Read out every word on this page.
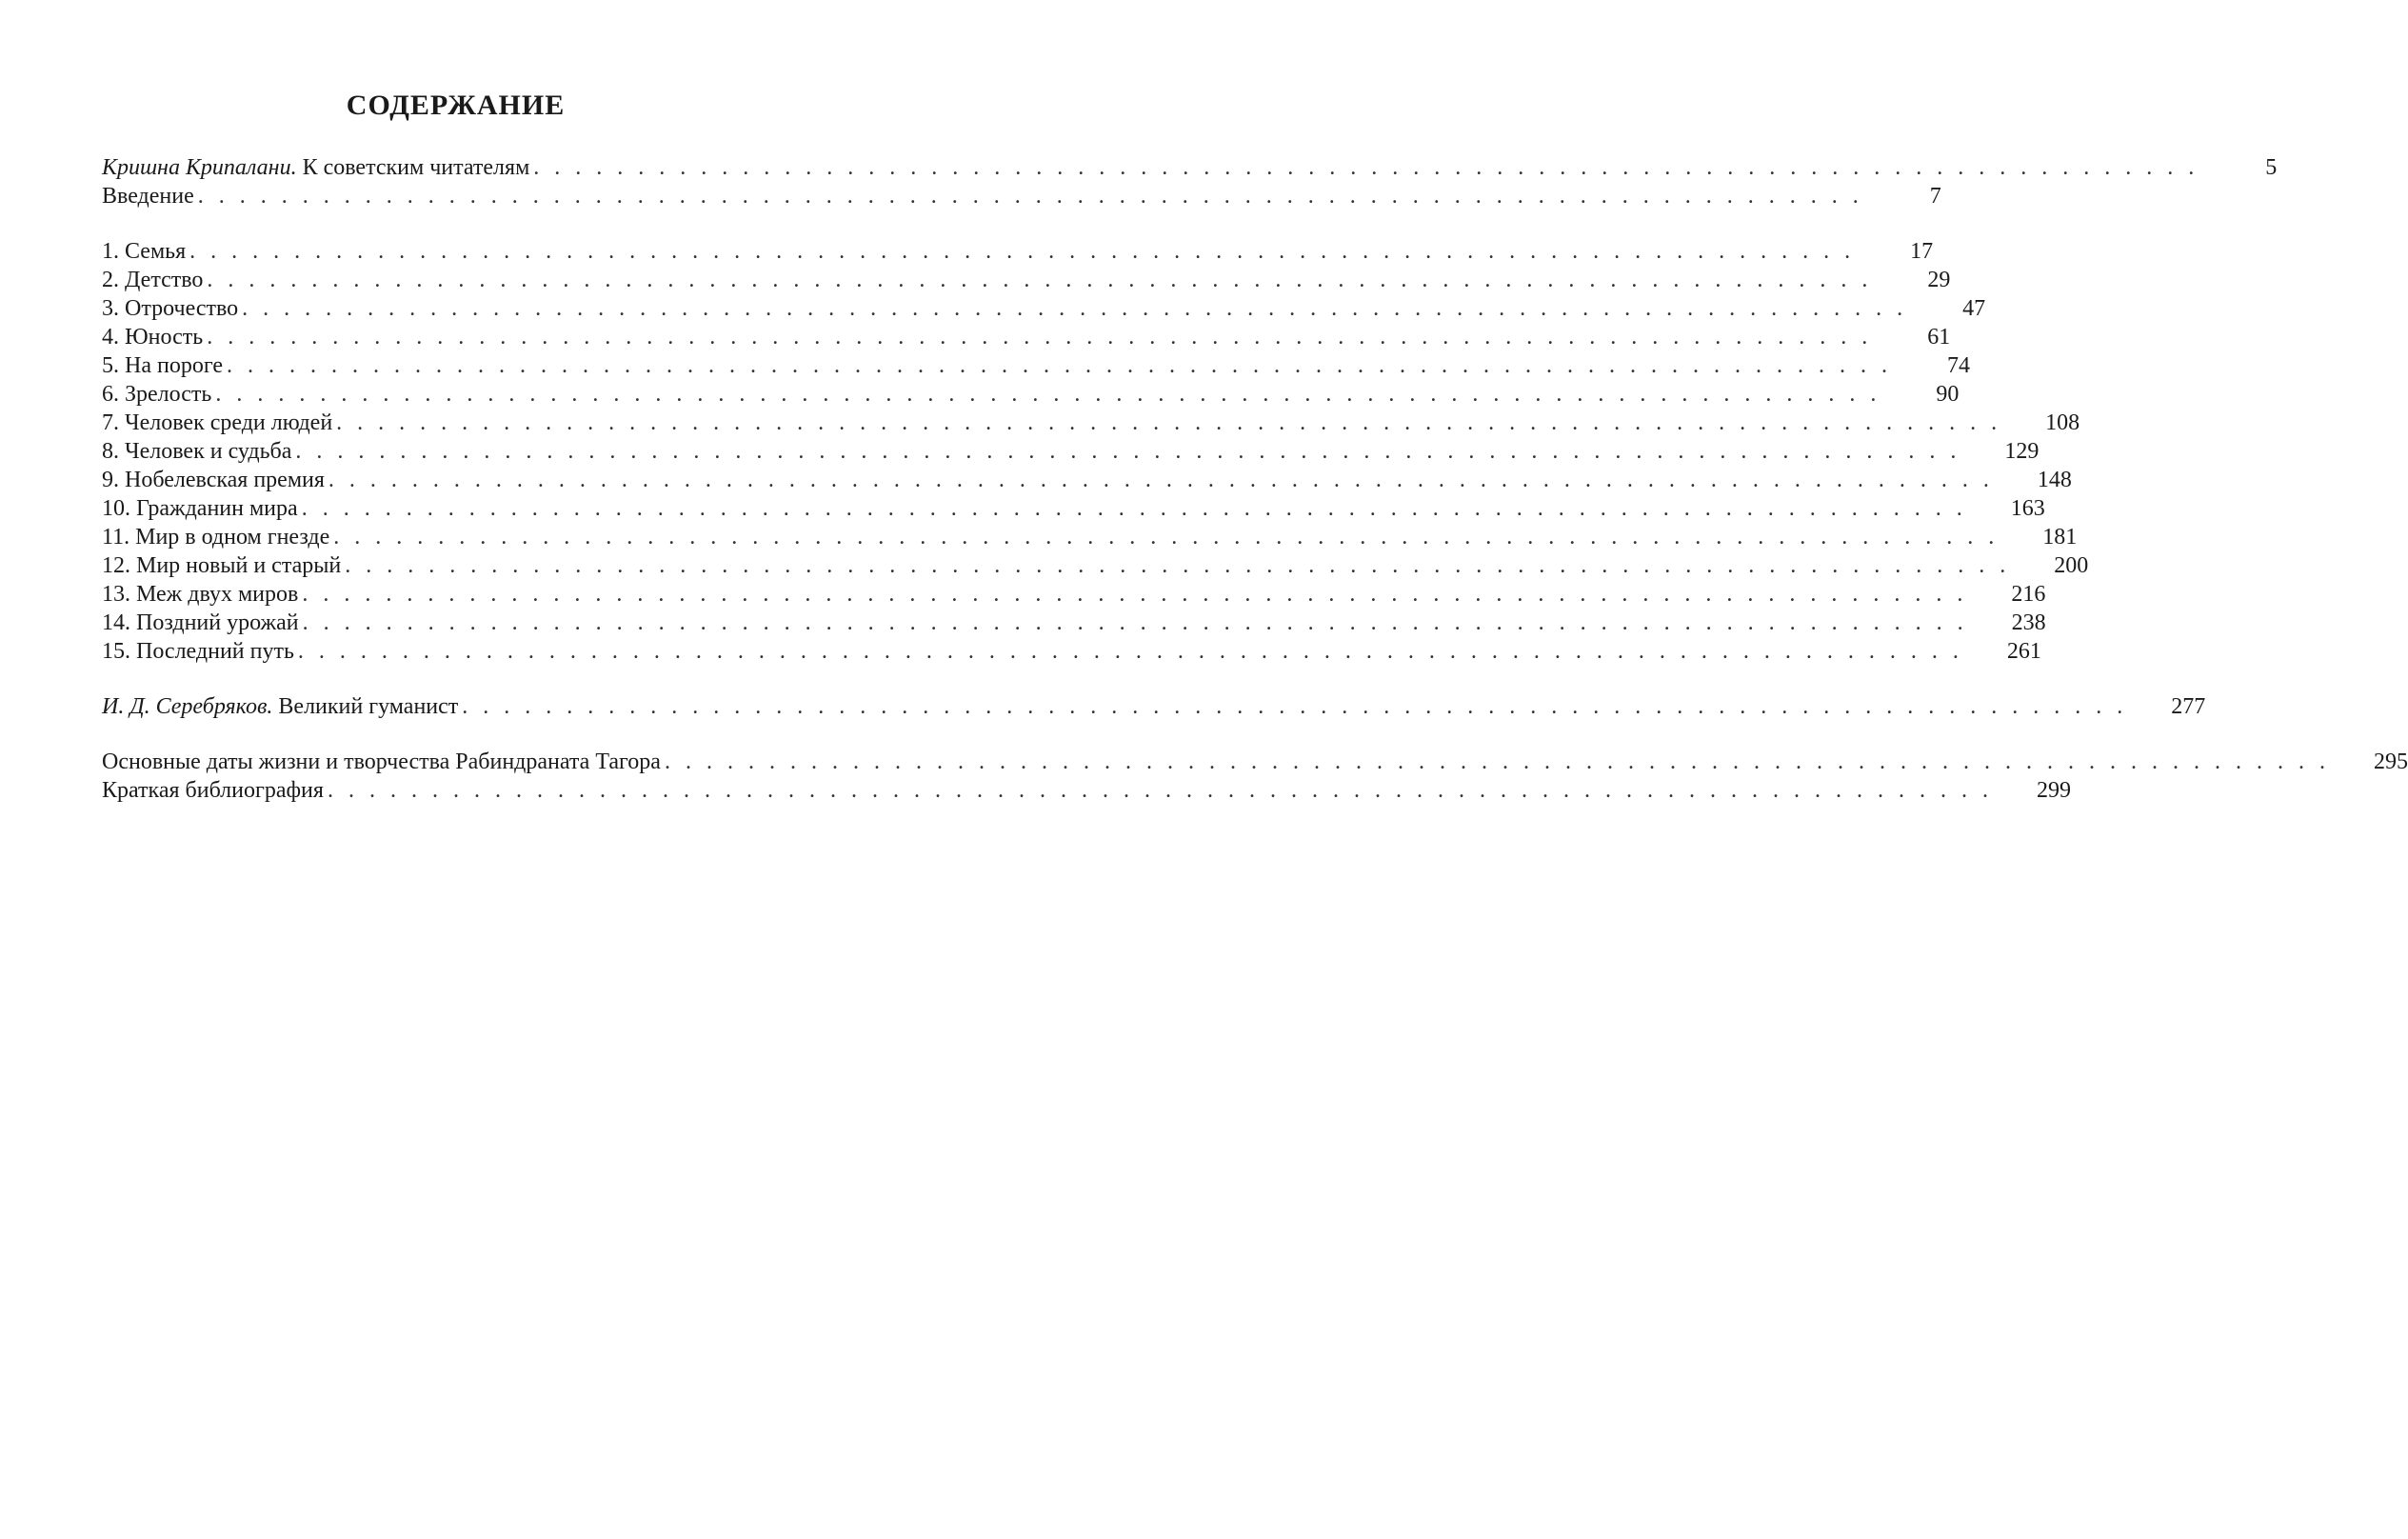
СОДЕРЖАНИЕ
Кришна Крипалани. К советским читателям . . . . . . . . . . . . . . . . . . . . . . . . . . . . . . . . . . . . . . . . . . . . . . . . . . . . . . . . . . . . . . . . . . . . . . . . . . . . . . . .	5
Введение . . . . . . . . . . . . . . . . . . . . . . . . . . . . . . . . . . . . . . . . . . . . . . . . . . . . . . . . . . . . . . . . . . . . . . . . . . . . . . . .	7
1. Семья . . . . . . . . . . . . . . . . . . . . . . . . . . . . . . . . . . . . . . . . . . . . . . . . . . . . . . . . . . . . . . . . . . . . . . . . . . . . . . . .	17
2. Детство . . . . . . . . . . . . . . . . . . . . . . . . . . . . . . . . . . . . . . . . . . . . . . . . . . . . . . . . . . . . . . . . . . . . . . . . . . . . . . . .	29
3. Отрочество . . . . . . . . . . . . . . . . . . . . . . . . . . . . . . . . . . . . . . . . . . . . . . . . . . . . . . . . . . . . . . . . . . . . . . . . . . . . . . . .	47
4. Юность . . . . . . . . . . . . . . . . . . . . . . . . . . . . . . . . . . . . . . . . . . . . . . . . . . . . . . . . . . . . . . . . . . . . . . . . . . . . . . . .	61
5. На пороге . . . . . . . . . . . . . . . . . . . . . . . . . . . . . . . . . . . . . . . . . . . . . . . . . . . . . . . . . . . . . . . . . . . . . . . . . . . . . . . .	74
6. Зрелость . . . . . . . . . . . . . . . . . . . . . . . . . . . . . . . . . . . . . . . . . . . . . . . . . . . . . . . . . . . . . . . . . . . . . . . . . . . . . . . .	90
7. Человек среди людей . . . . . . . . . . . . . . . . . . . . . . . . . . . . . . . . . . . . . . . . . . . . . . . . . . . . . . . . . . . . . . . . . . . . . . . . . . . . . . . .	108
8. Человек и судьба . . . . . . . . . . . . . . . . . . . . . . . . . . . . . . . . . . . . . . . . . . . . . . . . . . . . . . . . . . . . . . . . . . . . . . . . . . . . . . . .	129
9. Нобелевская премия . . . . . . . . . . . . . . . . . . . . . . . . . . . . . . . . . . . . . . . . . . . . . . . . . . . . . . . . . . . . . . . . . . . . . . . . . . . . . . . .	148
10. Гражданин мира . . . . . . . . . . . . . . . . . . . . . . . . . . . . . . . . . . . . . . . . . . . . . . . . . . . . . . . . . . . . . . . . . . . . . . . . . . . . . . . .	163
11. Мир в одном гнезде . . . . . . . . . . . . . . . . . . . . . . . . . . . . . . . . . . . . . . . . . . . . . . . . . . . . . . . . . . . . . . . . . . . . . . . . . . . . . . . .	181
12. Мир новый и старый . . . . . . . . . . . . . . . . . . . . . . . . . . . . . . . . . . . . . . . . . . . . . . . . . . . . . . . . . . . . . . . . . . . . . . . . . . . . . . . .	200
13. Меж двух миров . . . . . . . . . . . . . . . . . . . . . . . . . . . . . . . . . . . . . . . . . . . . . . . . . . . . . . . . . . . . . . . . . . . . . . . . . . . . . . . .	216
14. Поздний урожай . . . . . . . . . . . . . . . . . . . . . . . . . . . . . . . . . . . . . . . . . . . . . . . . . . . . . . . . . . . . . . . . . . . . . . . . . . . . . . . .	238
15. Последний путь . . . . . . . . . . . . . . . . . . . . . . . . . . . . . . . . . . . . . . . . . . . . . . . . . . . . . . . . . . . . . . . . . . . . . . . . . . . . . . . .	261
И. Д. Серебряков. Великий гуманист . . . . . . . . . . . . . . . . . . . . . . . . . . . . . . . . . . . . . . . . . . . . . . . . . . . . . . . . . . . . . . . . . . . . . . . . . . . . . . . .	277
Основные даты жизни и творчества Рабиндраната Тагора . . . . . . . . . . . . . . . . . . . . . . . . . . . . . . . . . . . . . . . . . . . . . . . . . . . . . . . . . . . . . . . . . . . . . . . . . . . . . . . .	295
Краткая библиография . . . . . . . . . . . . . . . . . . . . . . . . . . . . . . . . . . . . . . . . . . . . . . . . . . . . . . . . . . . . . . . . . . . . . . . . . . . . . . . .	299
